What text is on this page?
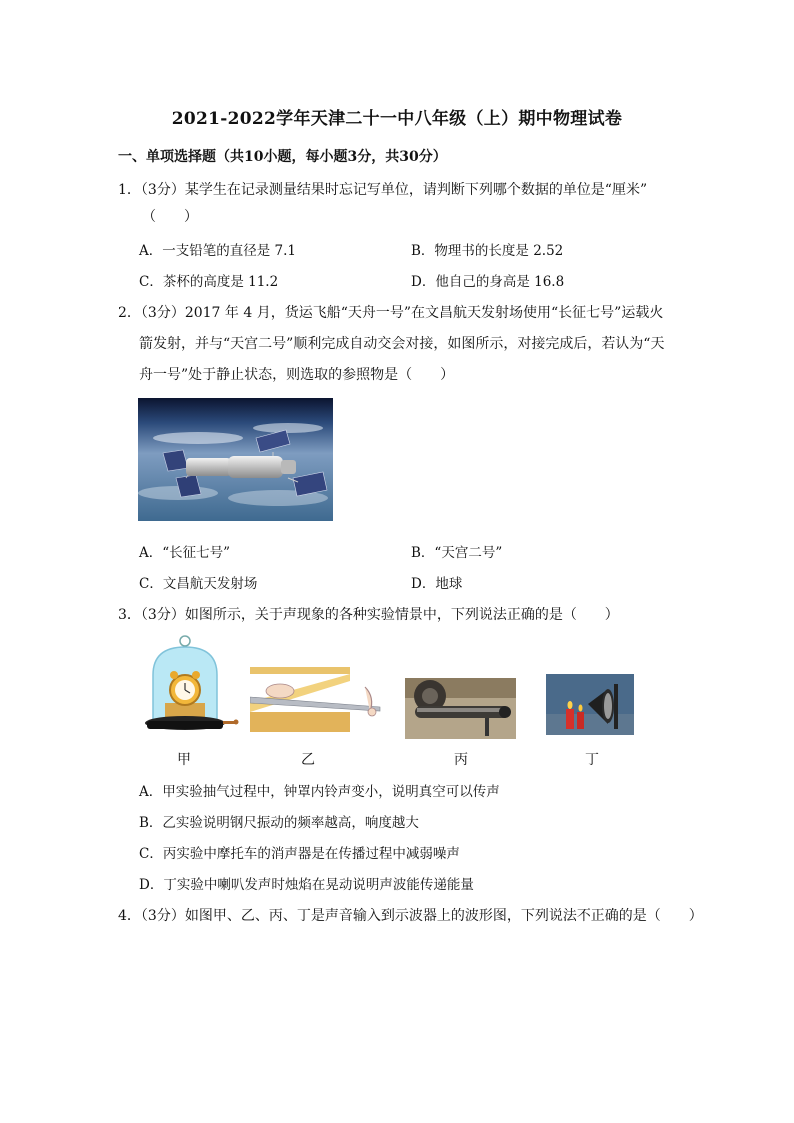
2021-2022学年天津二十一中八年级（上）期中物理试卷
一、单项选择题（共10小题，每小题3分，共30分）
1．（3分）某学生在记录测量结果时忘记写单位，请判断下列哪个数据的单位是“厘米”
（　　）
A．一支铅笔的直径是 7.1	B．物理书的长度是 2.52
C．茶杯的高度是 11.2	D．他自己的身高是 16.8
2．（3分）2017 年 4 月，货运飞船“天舟一号”在文昌航天发射场使用“长征七号”运载火
箭发射，并与“天宫二号”顺利完成自动交会对接，如图所示，对接完成后，若认为“天
舟一号”处于静止状态，则选取的参照物是（　　）
A．“长征七号”	B．“天宫二号”
C．文昌航天发射场	D．地球
3．（3分）如图所示，关于声现象的各种实验情景中，下列说法正确的是（　　）
甲	乙	丙	丁
A．甲实验抽气过程中，钟罩内铃声变小，说明真空可以传声
B．乙实验说明钢尺振动的频率越高，响度越大
C．丙实验中摩托车的消声器是在传播过程中减弱噪声
D．丁实验中喇叭发声时烛焰在晃动说明声波能传递能量
4．（3分）如图甲、乙、丙、丁是声音输入到示波器上的波形图，下列说法不正确的是（　　）
